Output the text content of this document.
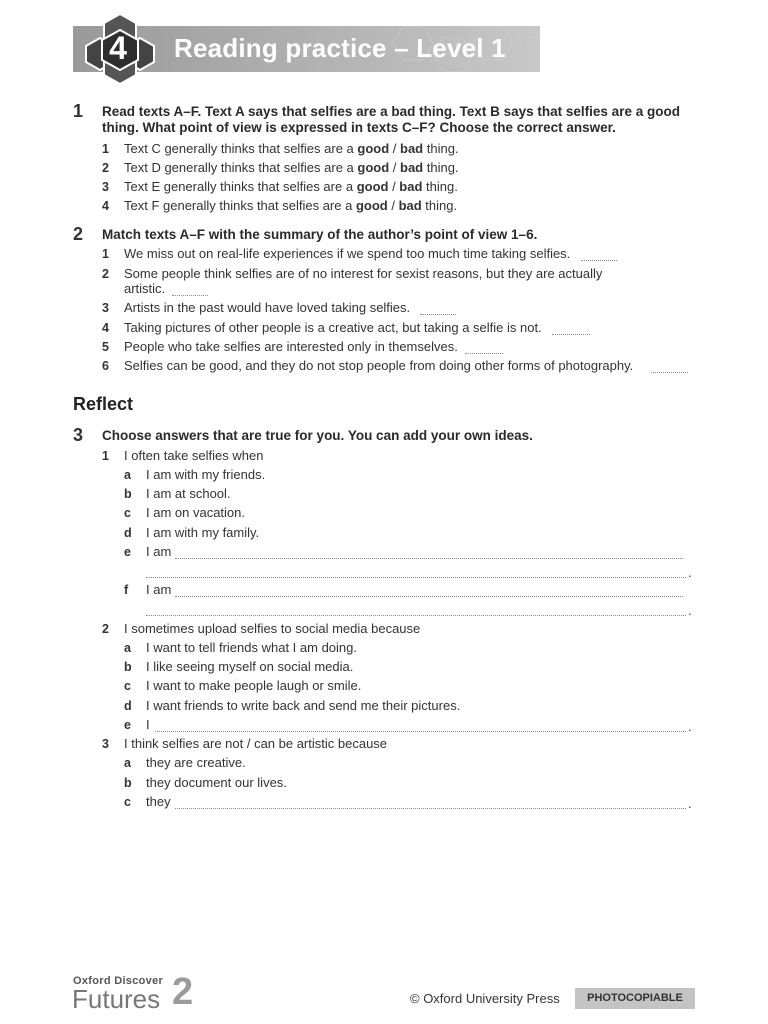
4 Reading practice – Level 1
1 Read texts A–F. Text A says that selfies are a bad thing. Text B says that selfies are a good
thing. What point of view is expressed in texts C–F? Choose the correct answer.
2 Match texts A–F with the summary of the author’s point of view 1–6.
Reflect
3 Choose answers that are true for you. You can add your own ideas.
Oxford Discover
Futures 2	© Oxford University Press	PHOTOCOPIABLE
1 Text C generally thinks that selfies are a good / bad thing.
2 Text D generally thinks that selfies are a good / bad thing.
3 Text E generally thinks that selfies are a good / bad thing.
4 Text F generally thinks that selfies are a good / bad thing.
1 We miss out on real-life experiences if we spend too much time taking selfies.
2 Some people think selfies are of no interest for sexist reasons, but they are actually
artistic.
3 Artists in the past would have loved taking selfies.
4 Taking pictures of other people is a creative act, but taking a selfie is not.
5 People who take selfies are interested only in themselves.
6 Selfies can be good, and they do not stop people from doing other forms of photography.
1 I often take selfies when
a I am with my friends.
b I am at school.
c I am on vacation.
d I am with my family.
e I am
.
f I am
.
2 I sometimes upload selfies to social media because
a I want to tell friends what I am doing.
b I like seeing myself on social media.
c I want to make people laugh or smile.
d I want friends to write back and send me their pictures.
e I	.
3 I think selfies are not / can be artistic because
a they are creative.
b they document our lives.
c they	.
